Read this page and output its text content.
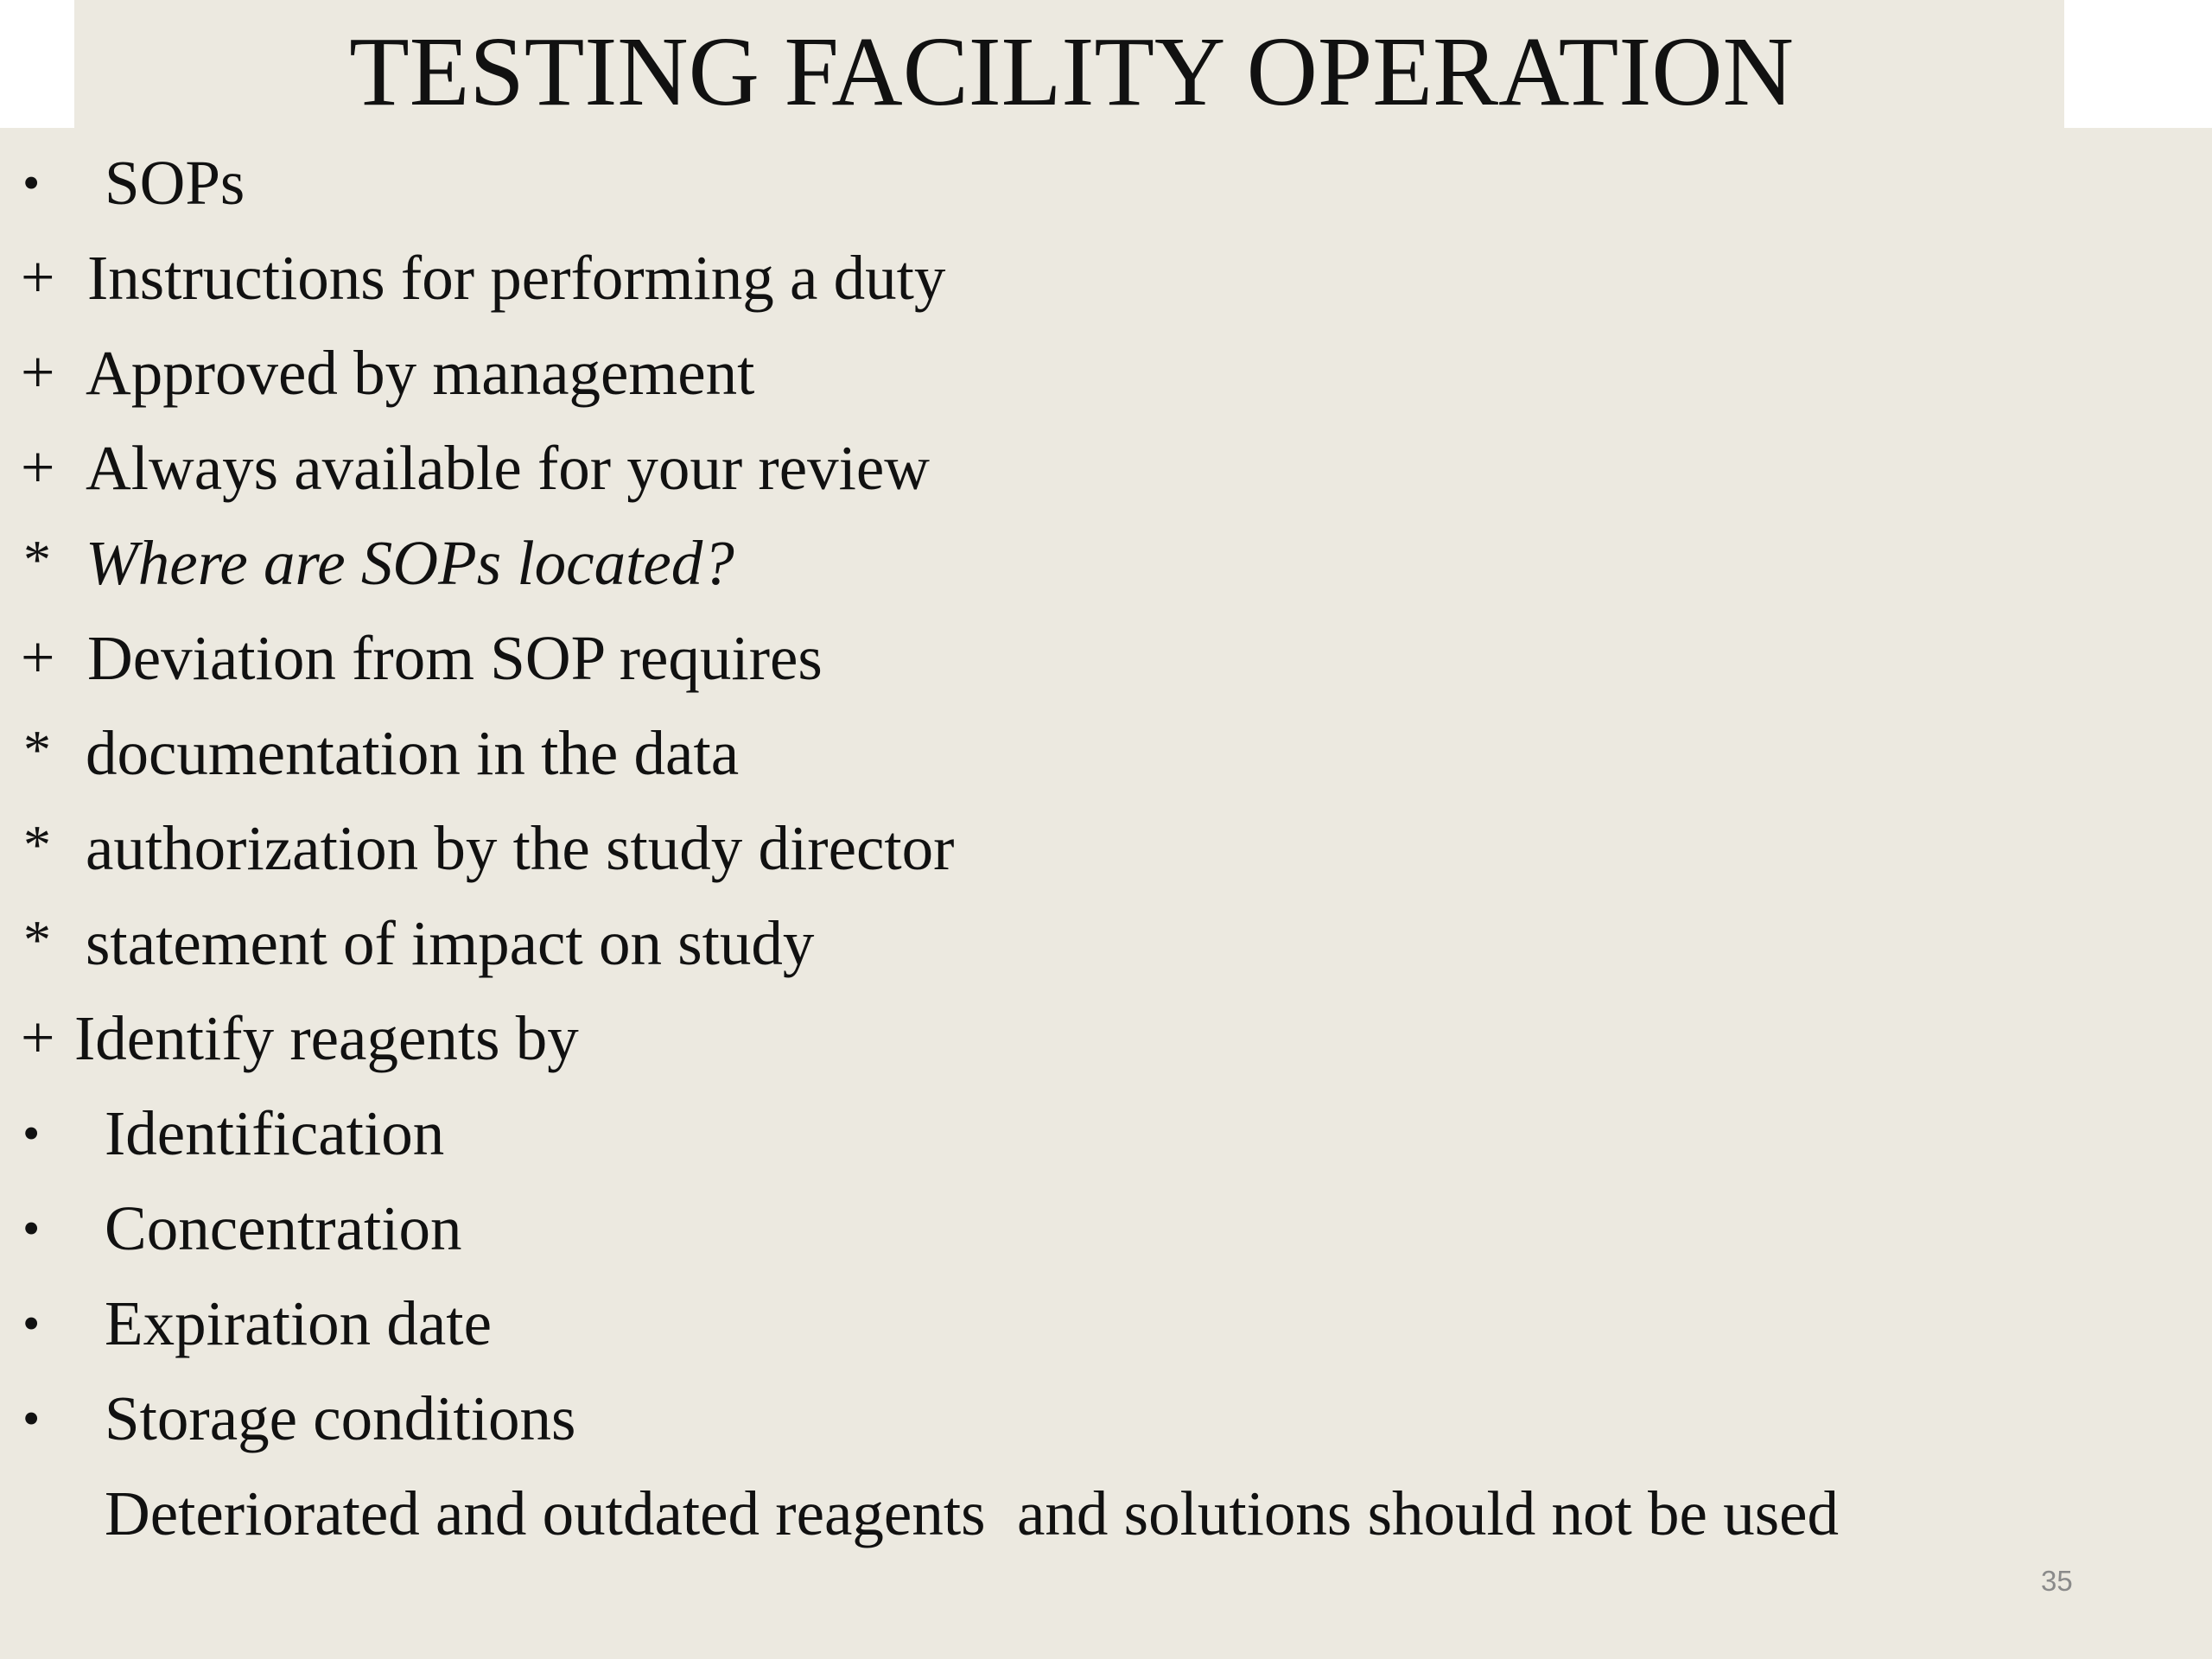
TESTING FACILITY OPERATION
• SOPs
+ Instructions for performing a duty
+ Approved by management
+ Always available for your review
* Where are SOPs located?
+ Deviation from SOP requires
* documentation in the data
* authorization by the study director
* statement of impact on study
+ Identify reagents by
• Identification
• Concentration
• Expiration date
• Storage conditions
Deteriorated and outdated reagents  and solutions should not be used
35
